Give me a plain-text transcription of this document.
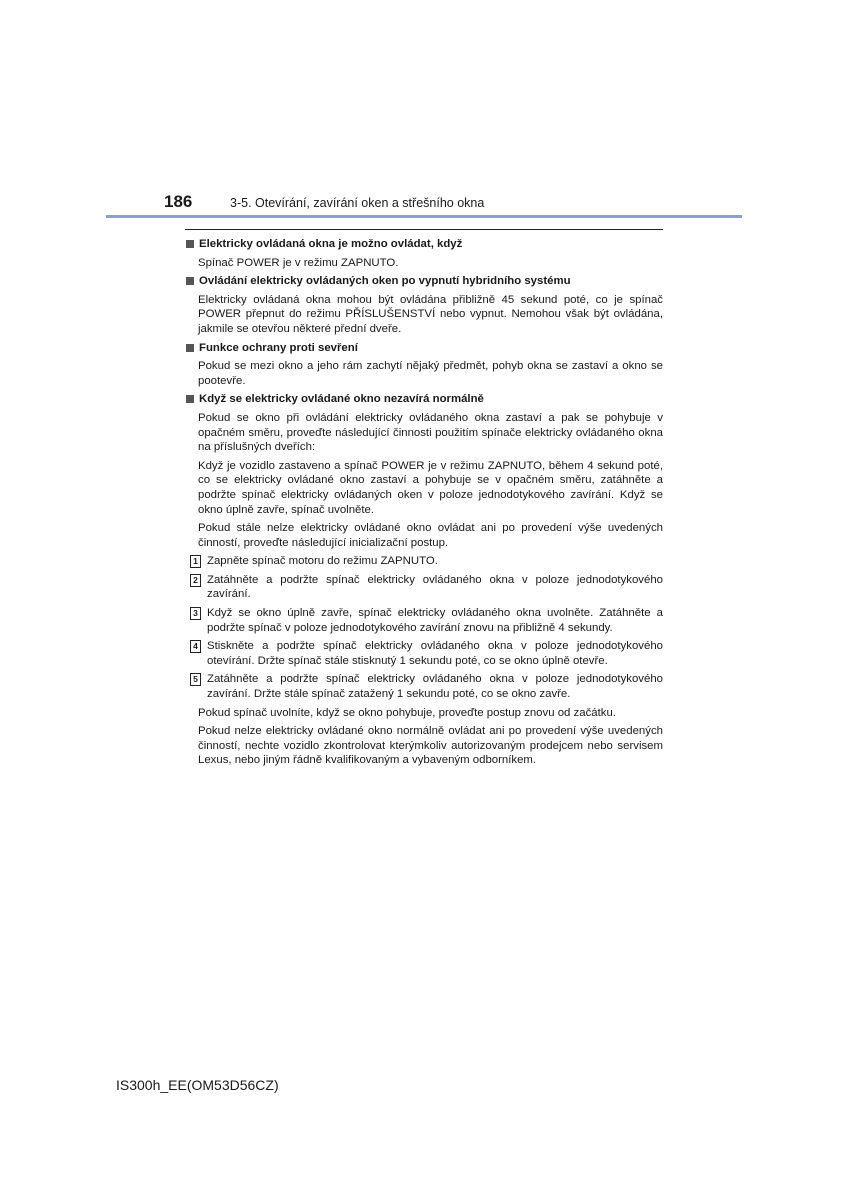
186	3-5. Otevírání, zavírání oken a střešního okna
Elektricky ovládaná okna je možno ovládat, když

Spínač POWER je v režimu ZAPNUTO.

Ovládání elektricky ovládaných oken po vypnutí hybridního systému

Elektricky ovládaná okna mohou být ovládána přibližně 45 sekund poté, co je spínač POWER přepnut do režimu PŘÍSLUŠENSTVÍ nebo vypnut. Nemohou však být ovládána, jakmile se otevřou některé přední dveře.

Funkce ochrany proti sevření

Pokud se mezi okno a jeho rám zachytí nějaký předmět, pohyb okna se zastaví a okno se pootevře.

Když se elektricky ovládané okno nezavírá normálně

Pokud se okno při ovládání elektricky ovládaného okna zastaví a pak se pohybuje v opačném směru, proveďte následující činnosti použitím spínače elektricky ovládaného okna na příslušných dveřích:

Když je vozidlo zastaveno a spínač POWER je v režimu ZAPNUTO, během 4 sekund poté, co se elektricky ovládané okno zastaví a pohybuje se v opačném směru, zatáhněte a podržte spínač elektricky ovládaných oken v poloze jednodotykového zavírání. Když se okno úplně zavře, spínač uvolněte.

Pokud stále nelze elektricky ovládané okno ovládat ani po provedení výše uvedených činností, proveďte následující inicializační postup.

1 Zapněte spínač motoru do režimu ZAPNUTO.
2 Zatáhněte a podržte spínač elektricky ovládaného okna v poloze jednodotykového zavírání.
3 Když se okno úplně zavře, spínač elektricky ovládaného okna uvolněte. Zatáhněte a podržte spínač v poloze jednodotykového zavírání znovu na přibližně 4 sekundy.
4 Stiskněte a podržte spínač elektricky ovládaného okna v poloze jednodotykového otevírání. Držte spínač stále stisknutý 1 sekundu poté, co se okno úplně otevře.
5 Zatáhněte a podržte spínač elektricky ovládaného okna v poloze jednodotykového zavírání. Držte stále spínač zatažený 1 sekundu poté, co se okno zavře.

Pokud spínač uvolníte, když se okno pohybuje, proveďte postup znovu od začátku.

Pokud nelze elektricky ovládané okno normálně ovládat ani po provedení výše uvedených činností, nechte vozidlo zkontrolovat kterýmkoliv autorizovaným prodejcem nebo servisem Lexus, nebo jiným řádně kvalifikovaným a vybaveným odborníkem.

IS300h_EE(OM53D56CZ)
